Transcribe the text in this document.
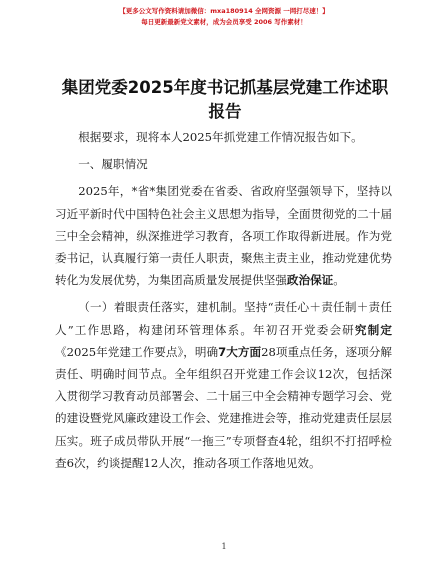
【更多公文写作资料请加微信：mxa180914 全网资源 一网打尽速！】
每日更新最新党文素材，成为会员享受 2006 写作素材！
集团党委2025年度书记抓基层党建工作述职报告

根据要求，现将本人2025年抓党建工作情况报告如下。

一、履职情况

2025年，*省*集团党委在省委、省政府坚强领导下，坚持以习近平新时代中国特色社会主义思想为指导，全面贯彻党的二十届三中全会精神，纵深推进学习教育，各项工作取得新进展。作为党委书记，认真履行第一责任人职责，聚焦主责主业，推动党建优势转化为发展优势，为集团高质量发展提供坚强政治保证。

（一）着眼责任落实，建机制。坚持“责任心＋责任制＋责任人”工作思路，构建闭环管理体系。年初召开党委会研究制定《2025年党建工作要点》，明确7大方面28项重点任务，逐项分解责任、明确时间节点。全年组织召开党建工作会议12次，包括深入贯彻学习教育动员部署会、二十届三中全会精神专题学习会、党的建设暨党风廉政建设工作会、党建推进会等，推动党建责任层层压实。班子成员带队开展“一拖三”专项督查4轮，组织不打招呼检查6次，约谈提醒12人次，推动各项工作落地见效。

1
